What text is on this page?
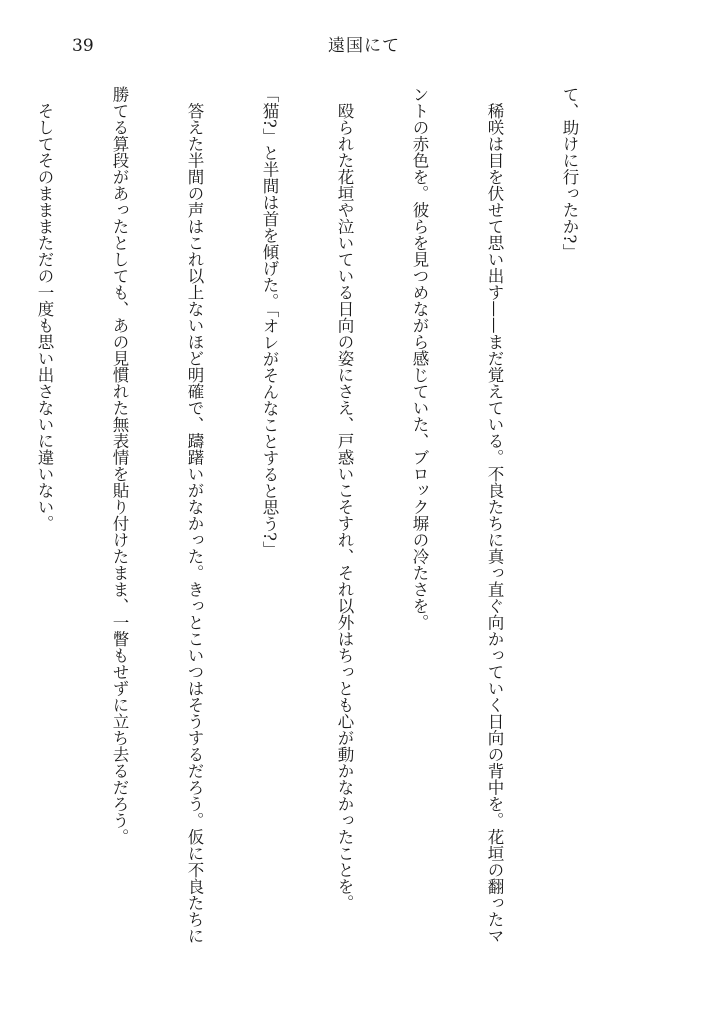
39	遠国にて

て、助けに行ったか?」

　稀咲は目を伏せて思い出す——まだ覚えている。不良たちに真っ直ぐ向かっていく日向の背中を。花垣の翻ったマ

ントの赤色を。彼らを見つめながら感じていた、ブロック塀の冷たさを。

　殴られた花垣や泣いている日向の姿にさえ、戸惑いこそすれ、それ以外はちっとも心が動かなかったことを。

「猫?」と半間は首を傾げた。「オレがそんなことすると思う?」

　答えた半間の声はこれ以上ないほど明確で、躊躇いがなかった。きっとこいつはそうするだろう。仮に不良たちに

勝てる算段があったとしても、あの見慣れた無表情を貼り付けたまま、一瞥もせずに立ち去るだろう。

　そしてそのまままただの一度も思い出さないに違いない。
